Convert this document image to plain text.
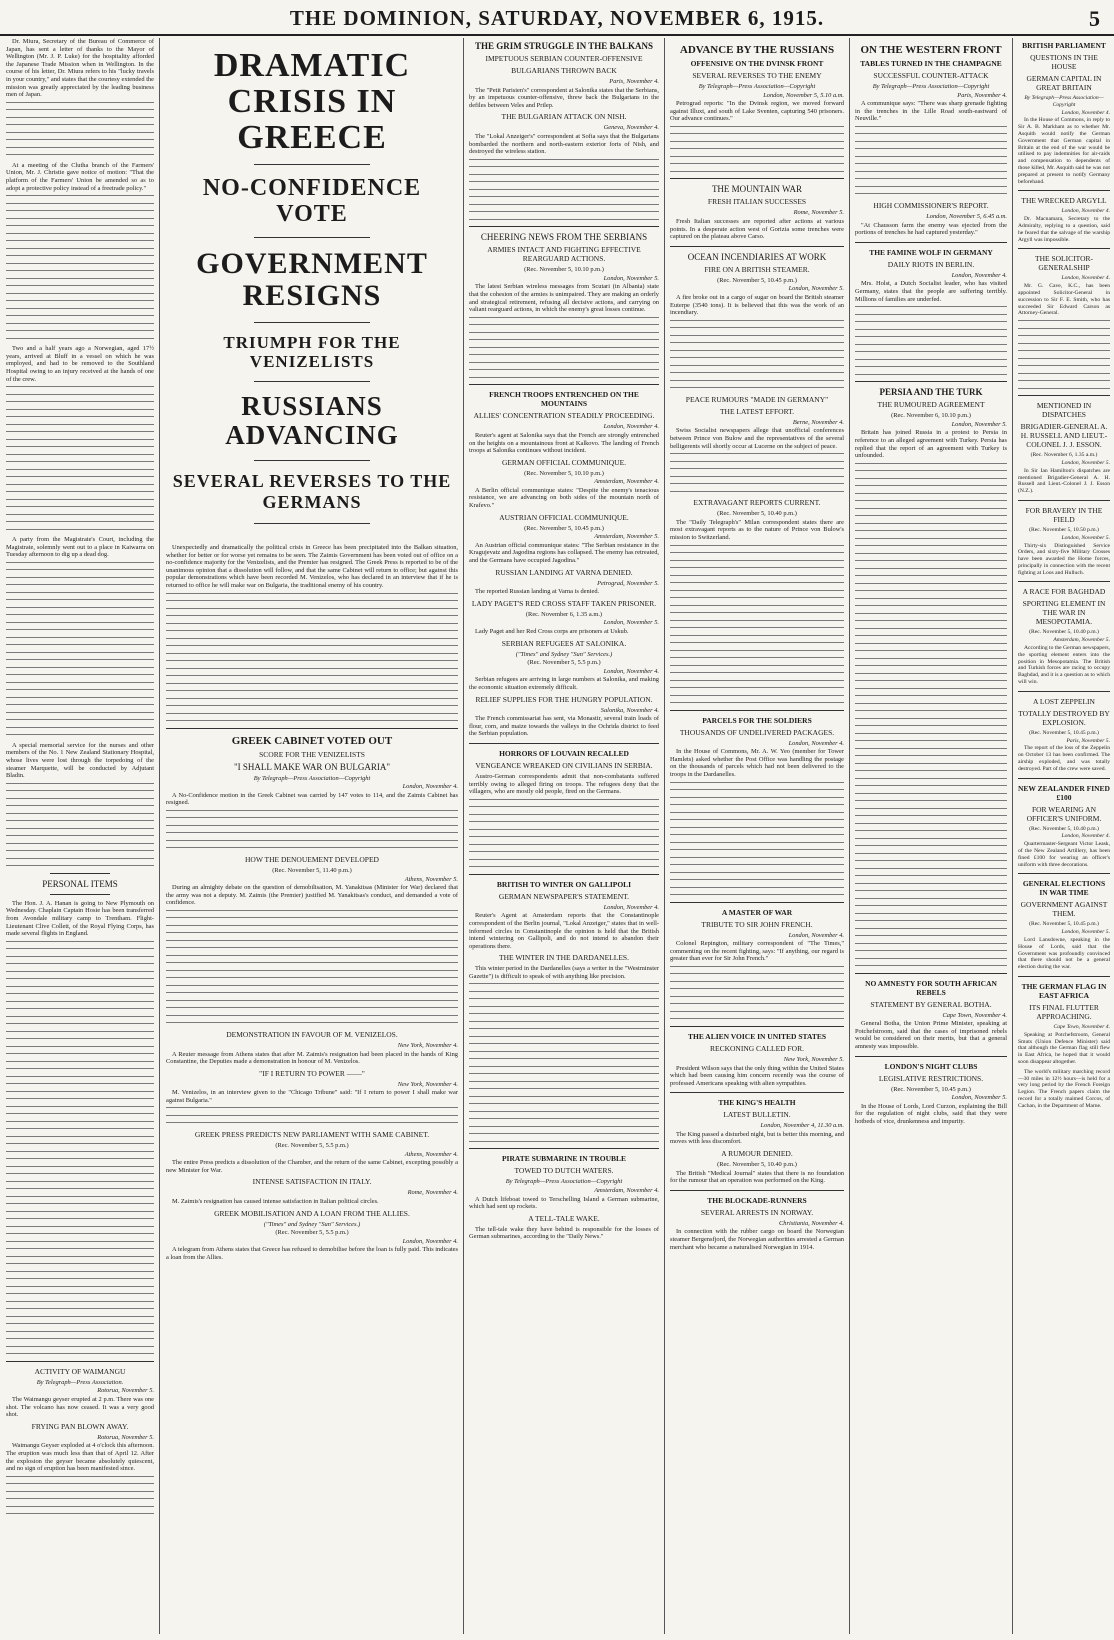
THE DOMINION, SATURDAY, NOVEMBER 6, 1915.	5

Dr. Miura, Secretary of the Bureau of Commerce of Japan, has sent a letter of thanks to the Mayor of Wellington (Mr. J. P. Luke) for the hospitality afforded the Japanese Trade Mission when in Wellington. In the course of his letter, Dr. Miura refers to his "lucky travels in your country," and states that the courtesy extended the mission was greatly appreciated by the leading business men of Japan.

At a meeting of the Clutha branch of the Farmers' Union, Mr. J. Christie gave notice of motion: "That the platform of the Farmers' Union be amended so as to adopt a protective policy instead of a freetrade policy."

Two and a half years ago a Norwegian, aged 17½ years, arrived at Bluff in a vessel on which he was employed, and had to be removed to the Southland Hospital owing to an injury received at the hands of one of the crew.

A party from the Magistrate's Court, including the Magistrate, solemnly went out to a place in Kaiwarra on Tuesday afternoon to dig up a dead dog.

A special memorial service for the nurses and other members of the No. 1 New Zealand Stationary Hospital, whose lives were lost through the torpedoing of the steamer Marquette, will be conducted by Adjutant Bladin.

PERSONAL ITEMS

The Hon. J. A. Hanan is going to New Plymouth on Wednesday. Chaplain Captain Hosie has been transferred from Avondale military camp to Trentham. Flight-Lieutenant Clive Collett, of the Royal Flying Corps, has made several flights in England.

ACTIVITY OF WAIMANGU
By Telegraph—Press Association.
Rotorua, November 5.

The Waimangu geyser erupted at 2 p.m. There was one shot. The volcano has now ceased. It was a very good shot.

FRYING PAN BLOWN AWAY.
Rotorua, November 5.

Waimangu Geyser exploded at 4 o'clock this afternoon. The eruption was much less than that of April 12. After the explosion the geyser became absolutely quiescent, and no sign of eruption has been manifested since.

DRAMATIC CRISIS IN GREECE
NO-CONFIDENCE VOTE
GOVERNMENT RESIGNS
TRIUMPH FOR THE VENIZELISTS
RUSSIANS ADVANCING
SEVERAL REVERSES TO THE GERMANS

Unexpectedly and dramatically the political crisis in Greece has been precipitated into the Balkan situation, whether for better or for worse yet remains to be seen. The Zaimis Government has been voted out of office on a no-confidence majority for the Venizelists, and the Premier has resigned. The Greek Press is reported to be of the unanimous opinion that a dissolution will follow, and that the same Cabinet will return to office; but against this popular demonstrations which have been recorded M. Venizelos, who has declared in an interview that if he is returned to office he will make war on Bulgaria, the traditional enemy of his country.

GREEK CABINET VOTED OUT
SCORE FOR THE VENIZELISTS
"I SHALL MAKE WAR ON BULGARIA"
By Telegraph—Press Association—Copyright
London, November 4.

A No-Confidence motion in the Greek Cabinet was carried by 147 votes to 114, and the Zaimis Cabinet has resigned.

HOW THE DENOUEMENT DEVELOPED
(Rec. November 5, 11.40 p.m.)
Athens, November 5.

During an almighty debate on the question of demobilisation, M. Yanakitsas (Minister for War) declared that the army was not a deputy. M. Zaimis (the Premier) justified M. Yanakitsas's conduct, and demanded a vote of confidence.

DEMONSTRATION IN FAVOUR OF M. VENIZELOS.
New York, November 4.

A Reuter message from Athens states that after M. Zaimis's resignation had been placed in the hands of King Constantine, the Deputies made a demonstration in honour of M. Venizelos.

"IF I RETURN TO POWER ——"
New York, November 4.

M. Venizelos, in an interview given to the "Chicago Tribune" said: "If I return to power I shall make war against Bulgaria."

GREEK PRESS PREDICTS NEW PARLIAMENT WITH SAME CABINET.
(Rec. November 5, 5.5 p.m.)
Athens, November 4.

The entire Press predicts a dissolution of the Chamber, and the return of the same Cabinet, excepting possibly a new Minister for War.

INTENSE SATISFACTION IN ITALY.
Rome, November 4.

M. Zaimis's resignation has caused intense satisfaction in Italian political circles.

GREEK MOBILISATION AND A LOAN FROM THE ALLIES.
("Times" and Sydney "Sun" Services.)
(Rec. November 5, 5.5 p.m.)
London, November 4.

A telegram from Athens states that Greece has refused to demobilise before the loan is fully paid. This indicates a loan from the Allies.

THE GRIM STRUGGLE IN THE BALKANS
IMPETUOUS SERBIAN COUNTER-OFFENSIVE
BULGARIANS THROWN BACK
Paris, November 4.

The "Petit Parisien's" correspondent at Salonika states that the Serbians, by an impetuous counter-offensive, threw back the Bulgarians in the defiles between Veles and Prilep.

THE BULGARIAN ATTACK ON NISH.
Geneva, November 4.

The "Lokal Anzeiger's" correspondent at Sofia says that the Bulgarians bombarded the northern and north-eastern exterior forts of Nish, and destroyed the wireless station.

CHEERING NEWS FROM THE SERBIANS
ARMIES INTACT AND FIGHTING EFFECTIVE REARGUARD ACTIONS.
(Rec. November 5, 10.10 p.m.)
London, November 5.

The latest Serbian wireless messages from Scutari (in Albania) state that the cohesion of the armies is unimpaired. They are making an orderly and strategical retirement, refusing all decisive actions, and carrying on valiant rearguard actions, in which the enemy's great losses continue.

FRENCH TROOPS ENTRENCHED ON THE MOUNTAINS
ALLIES' CONCENTRATION STEADILY PROCEEDING.
London, November 4.

Reuter's agent at Salonika says that the French are strongly entrenched on the heights on a mountainous front at Kalkovo. The landing of French troops at Salonika continues without incident.

GERMAN OFFICIAL COMMUNIQUE.
(Rec. November 5, 10.10 p.m.)
Amsterdam, November 4.

A Berlin official communique states: "Despite the enemy's tenacious resistance, we are advancing on both sides of the mountain north of Krafevo."

AUSTRIAN OFFICIAL COMMUNIQUE.
(Rec. November 5, 10.45 p.m.)
Amsterdam, November 5.

An Austrian official communique states: "The Serbian resistance in the Kragujevatz and Jagodina regions has collapsed. The enemy has retreated, and the Germans have occupied Jagodina."

RUSSIAN LANDING AT VARNA DENIED.
Petrograd, November 5.

The reported Russian landing at Varna is denied.

LADY PAGET'S RED CROSS STAFF TAKEN PRISONER.
(Rec. November 6, 1.35 a.m.)
London, November 5.

Lady Paget and her Red Cross corps are prisoners at Uskub.

SERBIAN REFUGEES AT SALONIKA.
("Times" and Sydney "Sun" Services.)
(Rec. November 5, 5.5 p.m.)
London, November 4.

Serbian refugees are arriving in large numbers at Salonika, and making the economic situation extremely difficult.

RELIEF SUPPLIES FOR THE HUNGRY POPULATION.
Salonika, November 4.

The French commissariat has sent, via Monastir, several train loads of flour, corn, and maize towards the valleys in the Ochrida district to feed the Serbian population.

HORRORS OF LOUVAIN RECALLED
VENGEANCE WREAKED ON CIVILIANS IN SERBIA.

Austro-German correspondents admit that non-combatants suffered terribly owing to alleged firing on troops. The refugees deny that the villagers, who are mostly old people, fired on the Germans.

BRITISH TO WINTER ON GALLIPOLI
GERMAN NEWSPAPER'S STATEMENT.
London, November 4.

Reuter's Agent at Amsterdam reports that the Constantinople correspondent of the Berlin journal, "Lokal Anzeiger," states that in well-informed circles in Constantinople the opinion is held that the British intend wintering on Gallipoli, and do not intend to abandon their operations there.

THE WINTER IN THE DARDANELLES.

This winter period in the Dardanelles (says a writer in the "Westminster Gazette") is difficult to speak of with anything like precision.

PIRATE SUBMARINE IN TROUBLE
TOWED TO DUTCH WATERS.
By Telegraph—Press Association—Copyright
Amsterdam, November 4.

A Dutch lifeboat towed to Terschelling Island a German submarine, which had sent up rockets.

A TELL-TALE WAKE.

The tell-tale wake they have behind is responsible for the losses of German submarines, according to the "Daily News."

ADVANCE BY THE RUSSIANS
OFFENSIVE ON THE DVINSK FRONT
SEVERAL REVERSES TO THE ENEMY
By Telegraph—Press Association—Copyright
London, November 5, 5.10 a.m.

Petrograd reports: "In the Dvinsk region, we moved forward against Illuxt, and south of Lake Sventen, capturing 540 prisoners. Our advance continues."

THE MOUNTAIN WAR
FRESH ITALIAN SUCCESSES
Rome, November 5.

Fresh Italian successes are reported after actions at various points. In a desperate action west of Gorizia some trenches were captured on the plateau above Carso.

OCEAN INCENDIARIES AT WORK
FIRE ON A BRITISH STEAMER.
(Rec. November 5, 10.45 p.m.)
London, November 5.

A fire broke out in a cargo of sugar on board the British steamer Euterpe (3540 tons). It is believed that this was the work of an incendiary.

PEACE RUMOURS "MADE IN GERMANY"
THE LATEST EFFORT.
Berne, November 4.

Swiss Socialist newspapers allege that unofficial conferences between Prince von Bulow and the representatives of the several belligerents will shortly occur at Lucerne on the subject of peace.

EXTRAVAGANT REPORTS CURRENT.
(Rec. November 5, 10.40 p.m.)

The "Daily Telegraph's" Milan correspondent states there are most extravagant reports as to the nature of Prince von Bulow's mission to Switzerland.

PARCELS FOR THE SOLDIERS
THOUSANDS OF UNDELIVERED PACKAGES.
London, November 4.

In the House of Commons, Mr. A. W. Yeo (member for Tower Hamlets) asked whether the Post Office was handling the postage on the thousands of parcels which had not been delivered to the troops in the Dardanelles.

A MASTER OF WAR
TRIBUTE TO SIR JOHN FRENCH.
London, November 4.

Colonel Repington, military correspondent of "The Times," commenting on the recent fighting, says: "If anything, our regard is greater than ever for Sir John French."

THE ALIEN VOICE IN UNITED STATES
RECKONING CALLED FOR.
New York, November 5.

President Wilson says that the only thing within the United States which had been causing him concern recently was the course of professed Americans speaking with alien sympathies.

THE KING'S HEALTH
LATEST BULLETIN.
London, November 4, 11.30 a.m.

The King passed a disturbed night, but is better this morning, and moves with less discomfort.

A RUMOUR DENIED.
(Rec. November 5, 10.40 p.m.)

The British "Medical Journal" states that there is no foundation for the rumour that an operation was performed on the King.

THE BLOCKADE-RUNNERS
SEVERAL ARRESTS IN NORWAY.
Christiania, November 4.

In connection with the rubber cargo on board the Norwegian steamer Bergensfjord, the Norwegian authorities arrested a German merchant who became a naturalised Norwegian in 1914.

ON THE WESTERN FRONT
TABLES TURNED IN THE CHAMPAGNE
SUCCESSFUL COUNTER-ATTACK
By Telegraph—Press Association—Copyright
Paris, November 4.

A communique says: "There was sharp grenade fighting in the trenches in the Lille Road south-eastward of Neuville."

HIGH COMMISSIONER'S REPORT.
London, November 5, 6.45 a.m.

"At Chausson farm the enemy was ejected from the portions of trenches he had captured yesterday."

THE FAMINE WOLF IN GERMANY
DAILY RIOTS IN BERLIN.
London, November 4.

Mrs. Holst, a Dutch Socialist leader, who has visited Germany, states that the people are suffering terribly. Millions of families are underfed.

PERSIA AND THE TURK
THE RUMOURED AGREEMENT
(Rec. November 6, 10.10 p.m.)
London, November 5.

Britain has joined Russia in a protest to Persia in reference to an alleged agreement with Turkey. Persia has replied that the report of an agreement with Turkey is unfounded.

NO AMNESTY FOR SOUTH AFRICAN REBELS
STATEMENT BY GENERAL BOTHA.
Cape Town, November 4.

General Botha, the Union Prime Minister, speaking at Potchefstroom, said that the cases of imprisoned rebels would be considered on their merits, but that a general amnesty was impossible.

LONDON'S NIGHT CLUBS
LEGISLATIVE RESTRICTIONS.
(Rec. November 5, 10.45 p.m.)
London, November 5.

In the House of Lords, Lord Curzon, explaining the Bill for the regulation of night clubs, said that they were hotbeds of vice, drunkenness and impurity.

BRITISH PARLIAMENT
QUESTIONS IN THE HOUSE
GERMAN CAPITAL IN GREAT BRITAIN
By Telegraph—Press Association—Copyright
London, November 4.

In the House of Commons, in reply to Sir A. B. Markham as to whether Mr. Asquith would notify the German Government that German capital in Britain at the end of the war would be utilised to pay indemnities for air-raids and compensation to dependents of those killed, Mr. Asquith said he was not prepared at present to notify Germany beforehand.

THE WRECKED ARGYLL
London, November 4.

Dr. Macnamara, Secretary to the Admiralty, replying to a question, said he feared that the salvage of the warship Argyll was impossible.

THE SOLICITOR-GENERALSHIP
London, November 4.

Mr. G. Cave, K.C., has been appointed Solicitor-General in succession to Sir F. E. Smith, who has succeeded Sir Edward Carson as Attorney-General.

MENTIONED IN DISPATCHES
BRIGADIER-GENERAL A. H. RUSSELL AND LIEUT.-COLONEL J. J. ESSON.
(Rec. November 6, 1.35 a.m.)
London, November 5.

In Sir Ian Hamilton's dispatches are mentioned Brigadier-General A. H. Russell and Lieut.-Colonel J. J. Esson (N.Z.).

FOR BRAVERY IN THE FIELD
(Rec. November 5, 10.50 p.m.)
London, November 5.

Thirty-six Distinguished Service Orders, and sixty-five Military Crosses have been awarded the Home forces, principally in connection with the recent fighting at Loos and Hulluch.

A RACE FOR BAGHDAD
SPORTING ELEMENT IN THE WAR IN MESOPOTAMIA.
(Rec. November 5, 10.40 p.m.)
Amsterdam, November 5.

According to the German newspapers, the sporting element enters into the position in Mesopotamia. The British and Turkish forces are racing to occupy Baghdad, and it is a question as to which will win.

A LOST ZEPPELIN
TOTALLY DESTROYED BY EXPLOSION.
(Rec. November 5, 10.45 p.m.)
Paris, November 5.

The report of the loss of the Zeppelin on October 13 has been confirmed. The airship exploded, and was totally destroyed. Part of the crew were saved.

NEW ZEALANDER FINED £100
FOR WEARING AN OFFICER'S UNIFORM.
(Rec. November 5, 10.40 p.m.)
London, November 4.

Quartermaster-Sergeant Victor Leask, of the New Zealand Artillery, has been fined £100 for wearing an officer's uniform with three decorations.

GENERAL ELECTIONS IN WAR TIME
GOVERNMENT AGAINST THEM.
(Rec. November 5, 10.45 p.m.)
London, November 5.

Lord Lansdowne, speaking in the House of Lords, said that the Government was profoundly convinced that there should not be a general election during the war.

THE GERMAN FLAG IN EAST AFRICA
ITS FINAL FLUTTER APPROACHING.
Cape Town, November 4.

Speaking at Potchefstroom, General Smuts (Union Defence Minister) said that although the German flag still flew in East Africa, he hoped that it would soon disappear altogether.

The world's military marching record —30 miles in 12½ hours—is held for a very long period by the French Foreign Legion. The French papers claim the record for a totally maimed Corcos, of Cachan, in the Department of Marne.
